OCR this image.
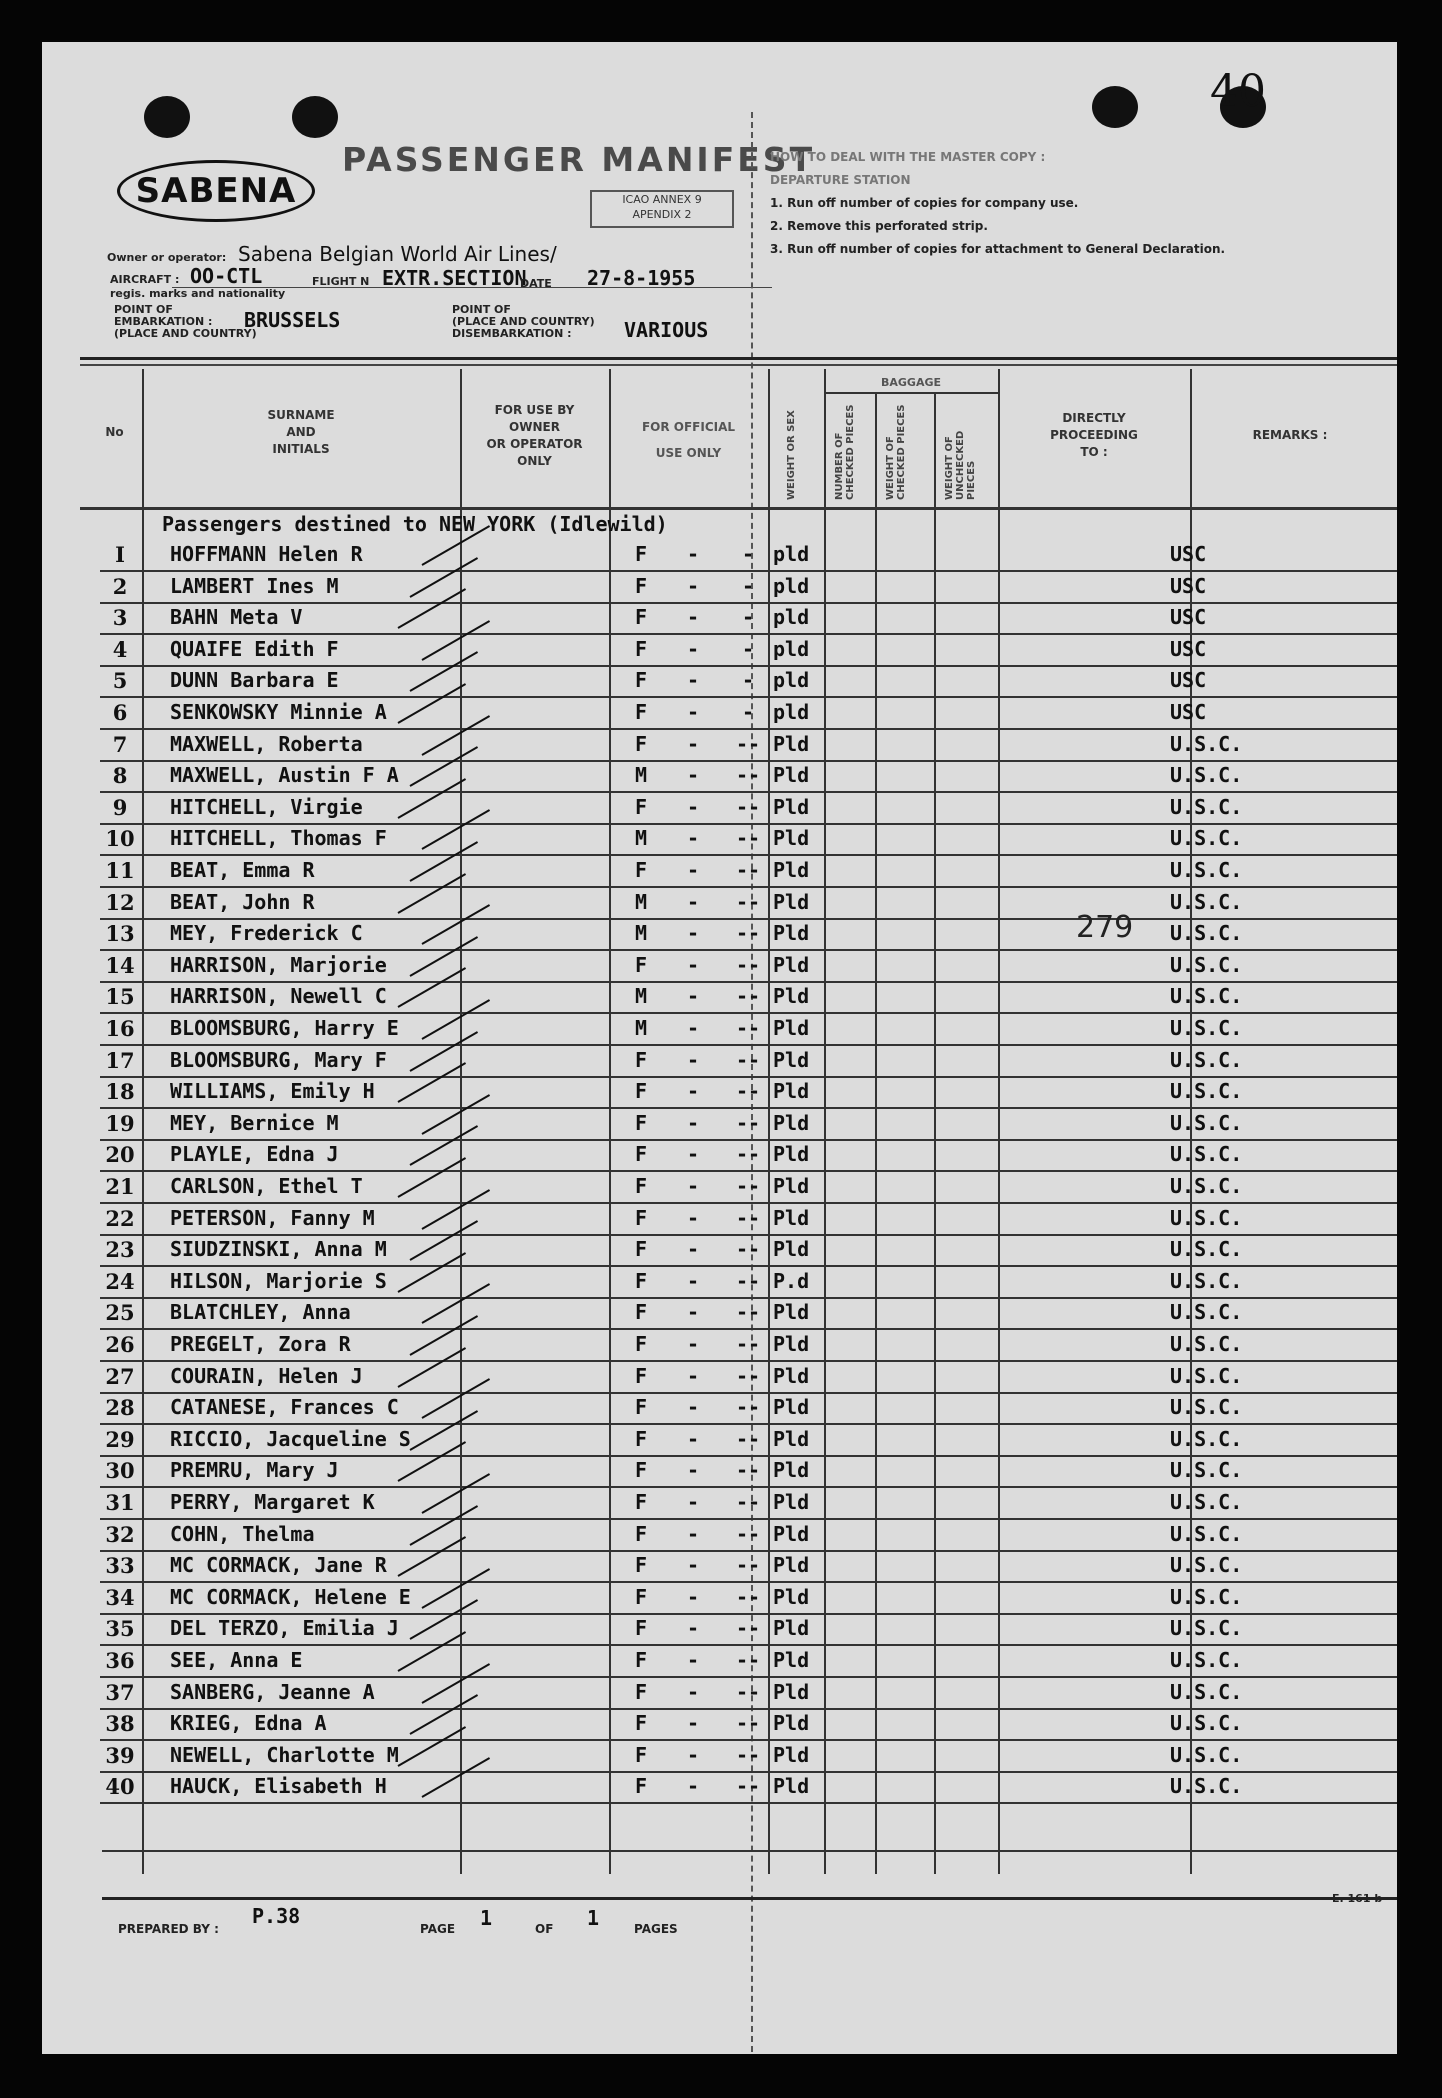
40
SABENA
PASSENGER MANIFEST
ICAO ANNEX 9
APENDIX 2
Owner or operator: Sabena Belgian World Air Lines/
AIRCRAFT : OO-CTL	FLIGHT N EXTR.SECTION
DATE 27-8-1955
regis. marks and nationality
POINT OF
EMBARKATION :
(PLACE AND COUNTRY)
BRUSSELS	POINT OF
(PLACE AND COUNTRY)
DISEMBARKATION :	VARIOUS
HOW TO DEAL WITH THE MASTER COPY :
DEPARTURE STATION
1. Run off number of copies for company use.
2. Remove this perforated strip.
3. Run off number of copies for attachment to General Declaration.
No
SURNAME
AND
INITIALS
FOR USE BY
OWNER
OR OPERATOR
ONLY
FOR OFFICIAL
USE ONLY	WEIGHT OR SEX
BAGGAGE
NUMBER OF CHECKED PIECES	WEIGHT OF CHECKED PIECES	WEIGHT OF UNCHECKED PIECES
DIRECTLY
PROCEEDING
TO :
REMARKS :
Passengers destined to NEW YORK (Idlewild)
I	HOFFMANN Helen R	F	-	- pld	USC
2	LAMBERT Ines M	F	-	- pld	USC
3	BAHN Meta V	F	-	- pld	USC
4	QUAIFE Edith F	F	-	- pld	USC
5	DUNN Barbara E	F	-	- pld	USC
6	SENKOWSKY Minnie A	F	-	- pld	USC
7	MAXWELL, Roberta	F	- -- Pld	U.S.C.
8	MAXWELL, Austin F A	M	- -- Pld	U.S.C.
9	HITCHELL, Virgie	F	- -- Pld	U.S.C.
10 HITCHELL, Thomas F	M	- -- Pld	U.S.C.
11 BEAT, Emma R	F	- -- Pld	U.S.C.
12 BEAT, John R	M	- -- Pld	U.S.C.
13 MEY, Frederick C	M	- -- Pld	U.S.C.
14 HARRISON, Marjorie	F	- -- Pld	U.S.C.
15 HARRISON, Newell C	M	- -- Pld	U.S.C.
16 BLOOMSBURG, Harry E	M	- -- Pld	U.S.C.
17 BLOOMSBURG, Mary F	F	- -- Pld	U.S.C.
18 WILLIAMS, Emily H	F	- -- Pld	U.S.C.
19 MEY, Bernice M	F	- -- Pld	U.S.C.
20 PLAYLE, Edna J	F	- -- Pld	U.S.C.
21 CARLSON, Ethel T	F	- -- Pld	U.S.C.
22 PETERSON, Fanny M	F	- -- Pld	U.S.C.
23 SIUDZINSKI, Anna M	F	- -- Pld	U.S.C.
24 HILSON, Marjorie S	F	- -- P.d	U.S.C.
25 BLATCHLEY, Anna	F	- -- Pld	U.S.C.
26 PREGELT, Zora R	F	- -- Pld	U.S.C.
27 COURAIN, Helen J	F	- -- Pld	U.S.C.
28 CATANESE, Frances C	F	- -- Pld	U.S.C.
29 RICCIO, Jacqueline S	F	- -- Pld	U.S.C.
30 PREMRU, Mary J	F	- -- Pld	U.S.C.
31 PERRY, Margaret K	F	- -- Pld	U.S.C.
32 COHN, Thelma	F	- -- Pld	U.S.C.
33 MC CORMACK, Jane R	F	- -- Pld	U.S.C.
34 MC CORMACK, Helene E	F	- -- Pld	U.S.C.
35 DEL TERZO, Emilia J	F	- -- Pld	U.S.C.
36 SEE, Anna E	F	- -- Pld	U.S.C.
37 SANBERG, Jeanne A	F	- -- Pld	U.S.C.
38 KRIEG, Edna A	F	- -- Pld	U.S.C.
39 NEWELL, Charlotte M	F	- -- Pld	U.S.C.
40 HAUCK, Elisabeth H	F	- -- Pld	U.S.C.
279
PREPARED BY :
P.38
PAGE 1	OF 1	PAGES
E. 161 b
